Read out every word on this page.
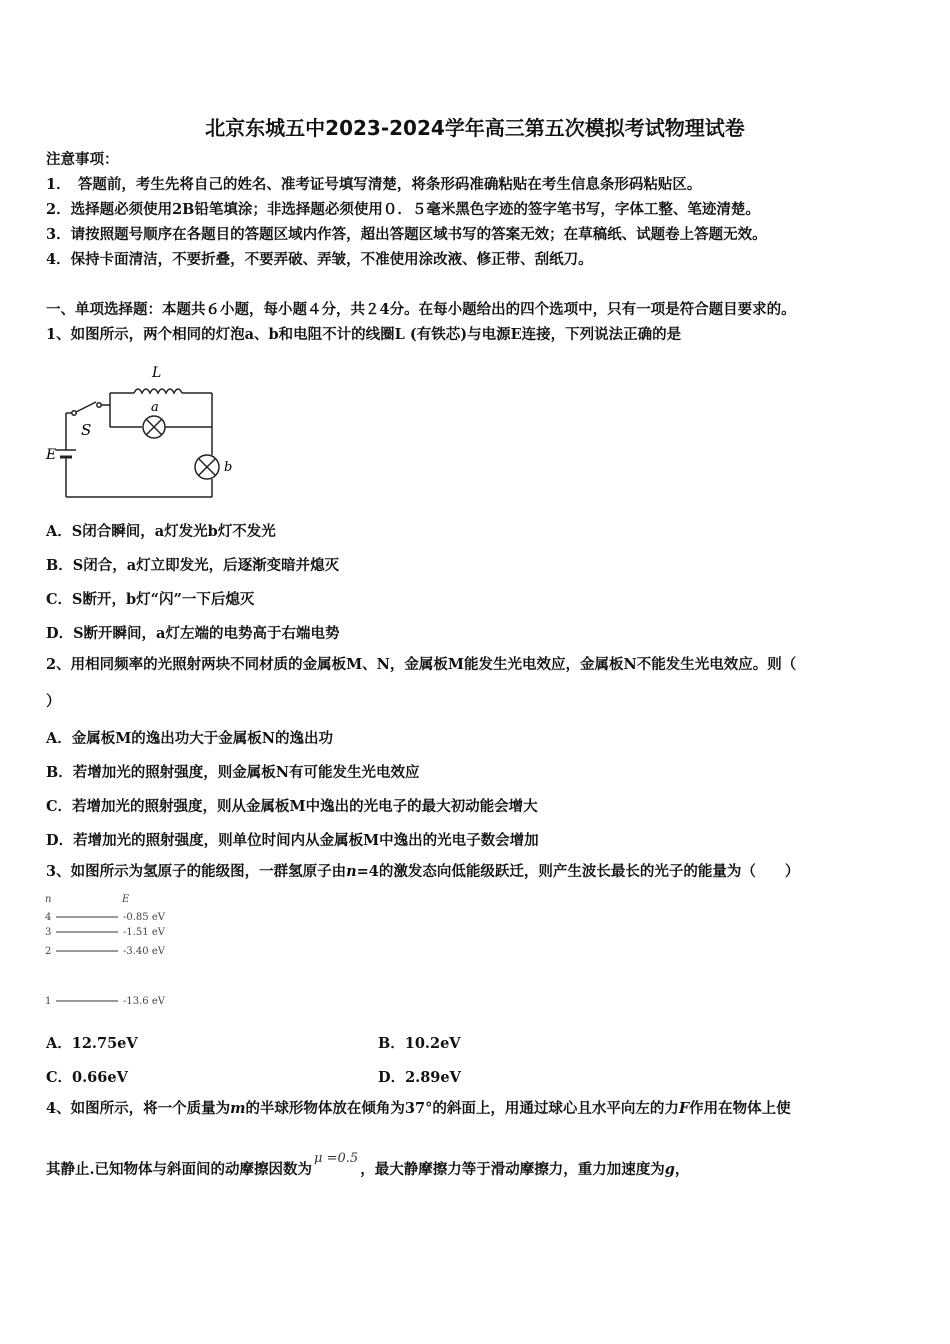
北京东城五中2023-2024学年高三第五次模拟考试物理试卷
注意事项：
1．　答题前，考生先将自己的姓名、准考证号填写清楚，将条形码准确粘贴在考生信息条形码粘贴区。
2．选择题必须使用2B铅笔填涂；非选择题必须使用０．５毫米黑色字迹的签字笔书写，字体工整、笔迹清楚。
3．请按照题号顺序在各题目的答题区域内作答，超出答题区域书写的答案无效；在草稿纸、试题卷上答题无效。
4．保持卡面清洁，不要折叠，不要弄破、弄皱，不准使用涂改液、修正带、刮纸刀。
一、单项选择题：本题共６小题，每小题４分，共２4分。在每小题给出的四个选项中，只有一项是符合题目要求的。
1、如图所示，两个相同的灯泡a、b和电阻不计的线圈L (有铁芯)与电源E连接，下列说法正确的是
L
S
E
a
b
A．S闭合瞬间，a灯发光b灯不发光
B．S闭合，a灯立即发光，后逐渐变暗并熄灭
C．S断开，b灯“闪”一下后熄灭
D．S断开瞬间，a灯左端的电势高于右端电势
2、用相同频率的光照射两块不同材质的金属板M、N，金属板M能发生光电效应，金属板N不能发生光电效应。则（
）
A．金属板M的逸出功大于金属板N的逸出功
B．若增加光的照射强度，则金属板N有可能发生光电效应
C．若增加光的照射强度，则从金属板M中逸出的光电子的最大初动能会增大
D．若增加光的照射强度，则单位时间内从金属板M中逸出的光电子数会增加
3、如图所示为氢原子的能级图，一群氢原子由n=4的激发态向低能级跃迁，则产生波长最长的光子的能量为（　　）
n	E
4
3
2
1
-0.85 eV
-1.51 eV
-3.40 eV
-13.6 eV
A．12.75eV	B．10.2eV
C．0.66eV	D．2.89eV
4、如图所示，将一个质量为m的半球形物体放在倾角为37°的斜面上，用通过球心且水平向左的力F作用在物体上使
其静止.已知物体与斜面间的动摩擦因数为μ =0.5，最大静摩擦力等于滑动摩擦力，重力加速度为g，
